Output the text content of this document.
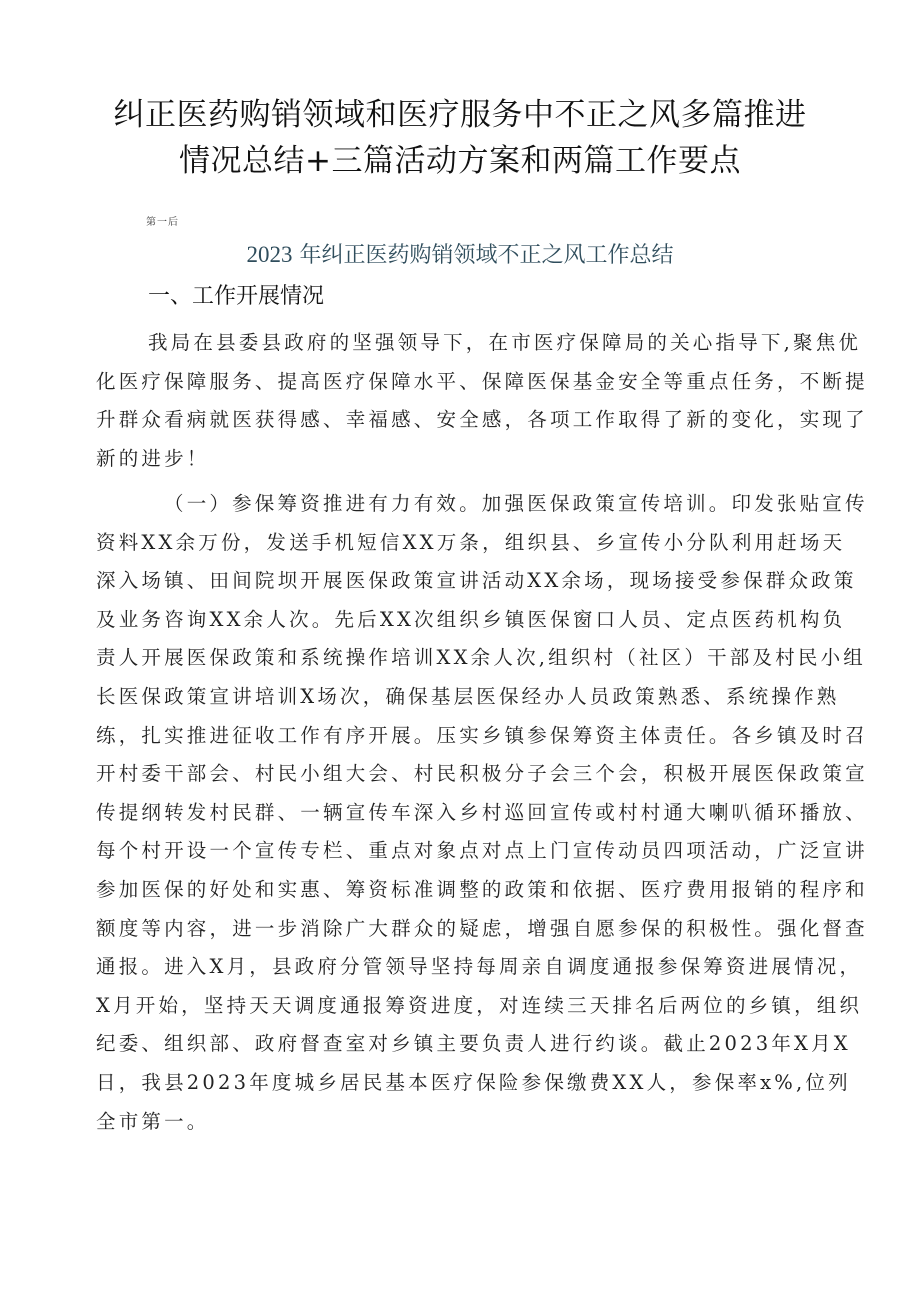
纠正医药购销领域和医疗服务中不正之风多篇推进
情况总结+三篇活动方案和两篇工作要点
第一后
2023 年纠正医药购销领域不正之风工作总结
一、工作开展情况
我局在县委县政府的坚强领导下，在市医疗保障局的关心指导下,聚焦优
化医疗保障服务、提高医疗保障水平、保障医保基金安全等重点任务，不断提
升群众看病就医获得感、幸福感、安全感，各项工作取得了新的变化，实现了
新的进步！
（一）参保筹资推进有力有效。加强医保政策宣传培训。印发张贴宣传
资料XX余万份，发送手机短信XX万条，组织县、乡宣传小分队利用赶场天
深入场镇、田间院坝开展医保政策宣讲活动XX余场，现场接受参保群众政策
及业务咨询XX余人次。先后XX次组织乡镇医保窗口人员、定点医药机构负
责人开展医保政策和系统操作培训XX余人次,组织村（社区）干部及村民小组
长医保政策宣讲培训X场次，确保基层医保经办人员政策熟悉、系统操作熟
练，扎实推进征收工作有序开展。压实乡镇参保筹资主体责任。各乡镇及时召
开村委干部会、村民小组大会、村民积极分子会三个会，积极开展医保政策宣
传提纲转发村民群、一辆宣传车深入乡村巡回宣传或村村通大喇叭循环播放、
每个村开设一个宣传专栏、重点对象点对点上门宣传动员四项活动，广泛宣讲
参加医保的好处和实惠、筹资标准调整的政策和依据、医疗费用报销的程序和
额度等内容，进一步消除广大群众的疑虑，增强自愿参保的积极性。强化督查
通报。进入X月，县政府分管领导坚持每周亲自调度通报参保筹资进展情况，
X月开始，坚持天天调度通报筹资进度，对连续三天排名后两位的乡镇，组织
纪委、组织部、政府督查室对乡镇主要负责人进行约谈。截止2023年X月X
日，我县2023年度城乡居民基本医疗保险参保缴费XX人，参保率x%,位列
全市第一。
